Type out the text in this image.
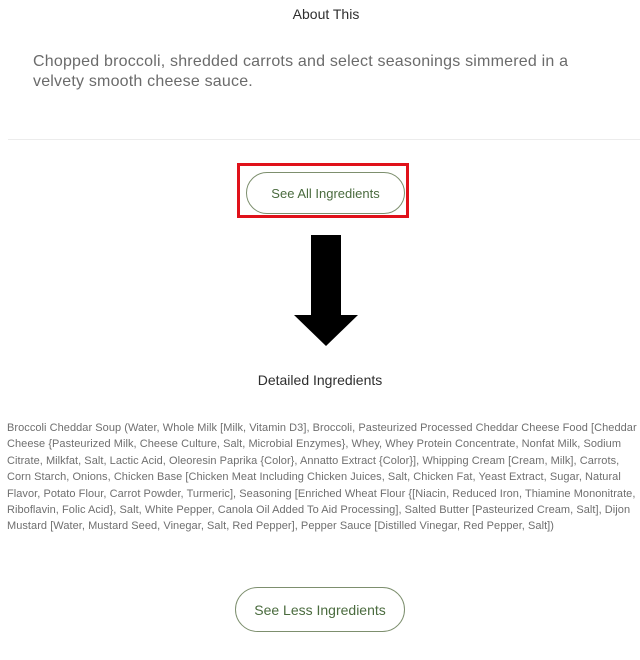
About This
Chopped broccoli, shredded carrots and select seasonings simmered in a velvety smooth cheese sauce.
See All Ingredients
Detailed Ingredients
Broccoli Cheddar Soup (Water, Whole Milk [Milk, Vitamin D3], Broccoli, Pasteurized Processed Cheddar Cheese Food [Cheddar Cheese {Pasteurized Milk, Cheese Culture, Salt, Microbial Enzymes}, Whey, Whey Protein Concentrate, Nonfat Milk, Sodium Citrate, Milkfat, Salt, Lactic Acid, Oleoresin Paprika {Color}, Annatto Extract {Color}], Whipping Cream [Cream, Milk], Carrots, Corn Starch, Onions, Chicken Base [Chicken Meat Including Chicken Juices, Salt, Chicken Fat, Yeast Extract, Sugar, Natural Flavor, Potato Flour, Carrot Powder, Turmeric], Seasoning [Enriched Wheat Flour {[Niacin, Reduced Iron, Thiamine Mononitrate, Riboflavin, Folic Acid}, Salt, White Pepper, Canola Oil Added To Aid Processing], Salted Butter [Pasteurized Cream, Salt], Dijon Mustard [Water, Mustard Seed, Vinegar, Salt, Red Pepper], Pepper Sauce [Distilled Vinegar, Red Pepper, Salt])
See Less Ingredients
